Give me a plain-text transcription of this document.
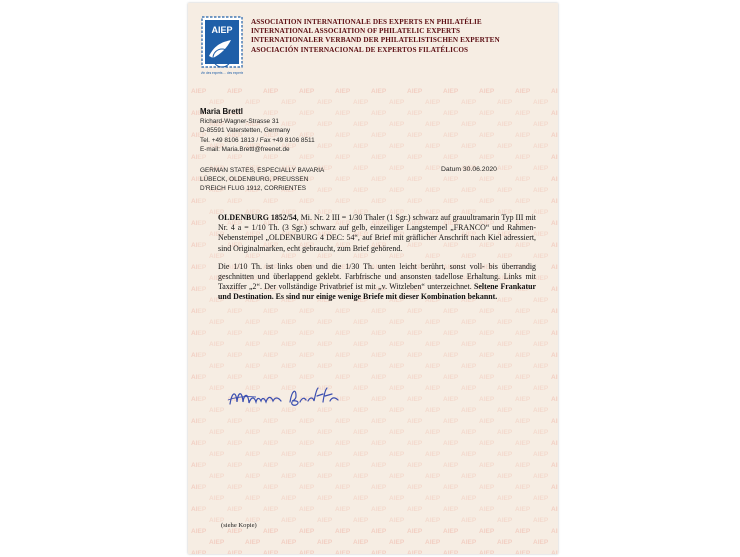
AIEP
Vin des experts ... des experts
ASSOCIATION INTERNATIONALE DES EXPERTS EN PHILATÉLIE
INTERNATIONAL ASSOCIATION OF PHILATELIC EXPERTS
INTERNATIONALER VERBAND DER PHILATELISTISCHEN EXPERTEN
ASOCIACIÓN INTERNACIONAL DE EXPERTOS FILATÉLICOS
Maria Brettl
Richard-Wagner-Strasse 31
D-85591 Vaterstetten, Germany
Tel. +49 8106 1813 / Fax +49 8106 8511
E-mail: Maria.Brettl@freenet.de
GERMAN STATES, ESPECIALLY BAVARIA
LÜBECK, OLDENBURG, PREUSSEN
D'REICH FLUG 1912, CORRIENTES
Datum 30.06.2020

OLDENBURG 1852/54, Mi. Nr. 2 III = 1/30 Thaler (1 Sgr.) schwarz auf grauultramarin Typ III mit Nr. 4 a = 1/10 Th. (3 Sgr.) schwarz auf gelb, einzeiliger Langstempel „FRANCO“ und Rahmen-Nebenstempel „OLDENBURG 4 DEC: 54“, auf Brief mit gräflicher Anschrift nach Kiel adressiert, sind Originalmarken, echt gebraucht, zum Brief gehörend.

Die 1/10 Th. ist links oben und die 1/30 Th. unten leicht berührt, sonst voll- bis überrandig geschnitten und überlappend geklebt. Farbfrische und ansonsten tadellose Erhaltung. Links mit Taxziffer „2“. Der vollständige Privatbrief ist mit „v. Witzleben“ unterzeichnet. Seltene Frankatur und Destination. Es sind nur einige wenige Briefe mit dieser Kombination bekannt.

(siehe Kopie)
